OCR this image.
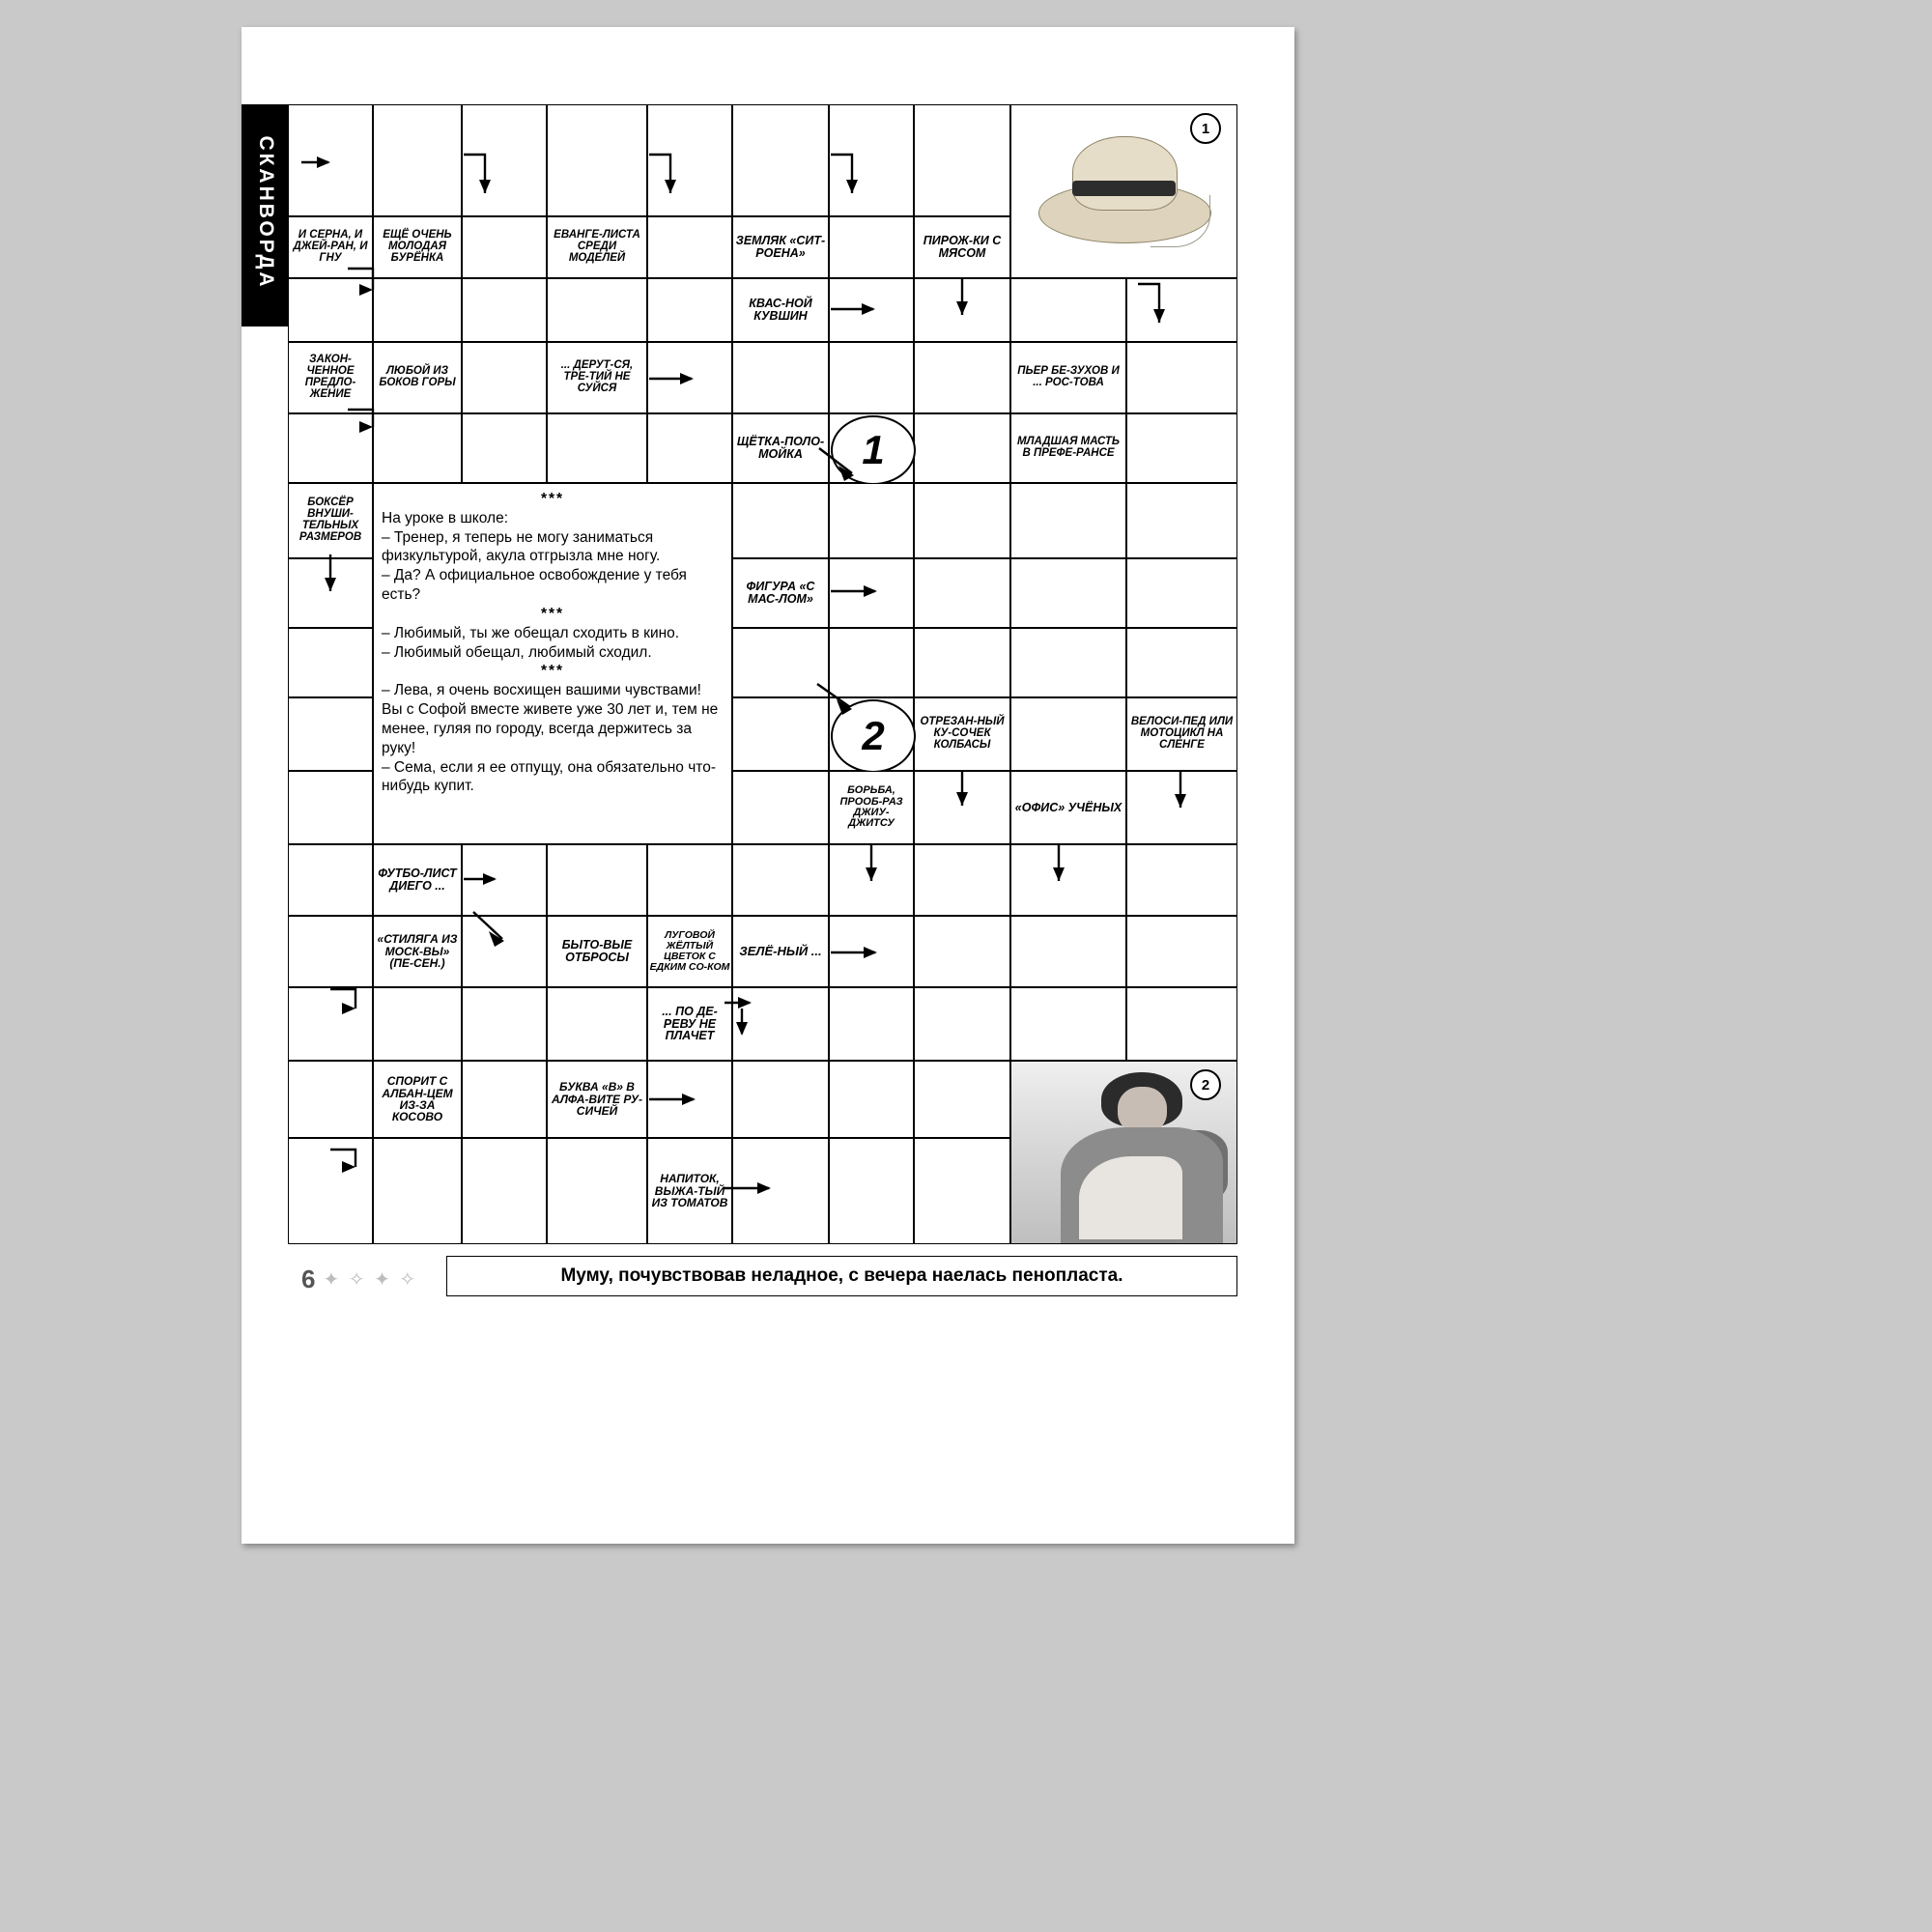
СКАНВОРДА
1
И СЕРНА, И ДЖЕЙ-РАН, И ГНУ
ЕЩЁ ОЧЕНЬ МОЛОДАЯ БУРЁНКА
ЕВАНГЕ-ЛИСТА СРЕДИ МОДЕЛЕЙ
ЗЕМЛЯК «СИТ-РОЕНА»
ПИРОЖ-КИ С МЯСОМ
КВАС-НОЙ КУВШИН
ЗАКОН-ЧЕННОЕ ПРЕДЛО-ЖЕНИЕ
ЛЮБОЙ ИЗ БОКОВ ГОРЫ
... ДЕРУТ-СЯ, ТРЕ-ТИЙ НЕ СУЙСЯ
ПЬЕР БЕ-ЗУХОВ И ... РОС-ТОВА
ЩЁТКА-ПОЛО-МОЙКА
МЛАДШАЯ МАСТЬ В ПРЕФЕ-РАНСЕ
1
БОКСЁР ВНУШИ-ТЕЛЬНЫХ РАЗМЕРОВ
ФИГУРА «С МАС-ЛОМ»
ОТРЕЗАН-НЫЙ КУ-СОЧЕК КОЛБАСЫ
ВЕЛОСИ-ПЕД ИЛИ МОТОЦИКЛ НА СЛЕНГЕ
2
БОРЬБА, ПРООБ-РАЗ ДЖИУ-ДЖИТСУ
«ОФИС» УЧЁНЫХ
***

На уроке в школе:

– Тренер, я теперь не могу заниматься физкультурой, акула отгрызла мне ногу.

– Да? А официальное освобождение у тебя есть?

***

– Любимый, ты же обещал сходить в кино.

– Любимый обещал, любимый сходил.

***

– Лева, я очень восхищен вашими чувствами! Вы с Софой вместе живете уже 30 лет и, тем не менее, гуляя по городу, всегда держитесь за руку!

– Сема, если я ее отпущу, она обязательно что-нибудь купит.

ФУТБО-ЛИСТ ДИЕГО ...
«СТИЛЯГА ИЗ МОСК-ВЫ» (ПЕ-СЕН.)
БЫТО-ВЫЕ ОТБРОСЫ
ЛУГОВОЙ ЖЁЛТЫЙ ЦВЕТОК С ЕДКИМ СО-КОМ
ЗЕЛЁ-НЫЙ ...
... ПО ДЕ-РЕВУ НЕ ПЛАЧЕТ
СПОРИТ С АЛБАН-ЦЕМ ИЗ-ЗА КОСОВО
БУКВА «В» В АЛФА-ВИТЕ РУ-СИЧЕЙ
2
НАПИТОК, ВЫЖА-ТЫЙ ИЗ ТОМАТОВ
6 ✦ ✧ ✦ ✧	Муму, почувствовав неладное, с вечера наелась пенопласта.
